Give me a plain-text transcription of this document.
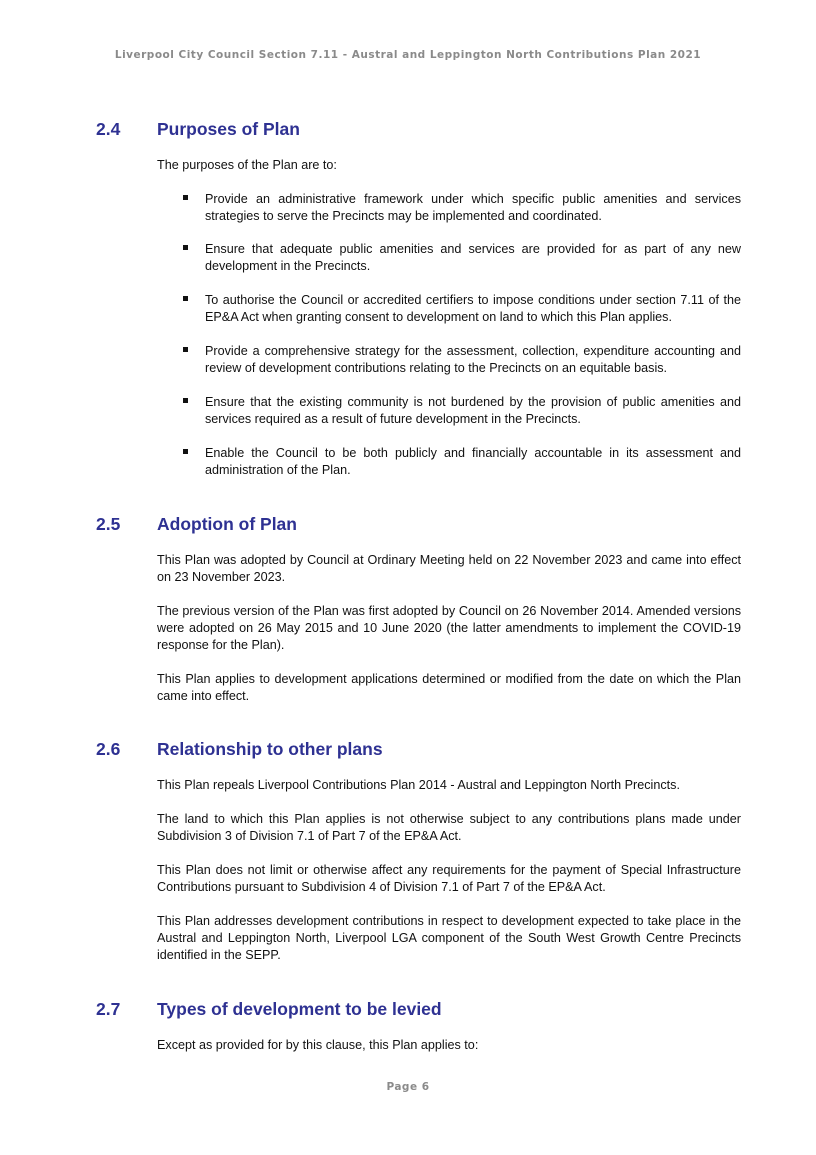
Liverpool City Council Section 7.11 - Austral and Leppington North Contributions Plan 2021
2.4 Purposes of Plan

The purposes of the Plan are to:

Provide an administrative framework under which specific public amenities and services strategies to serve the Precincts may be implemented and coordinated.
Ensure that adequate public amenities and services are provided for as part of any new development in the Precincts.
To authorise the Council or accredited certifiers to impose conditions under section 7.11 of the EP&A Act when granting consent to development on land to which this Plan applies.
Provide a comprehensive strategy for the assessment, collection, expenditure accounting and review of development contributions relating to the Precincts on an equitable basis.
Ensure that the existing community is not burdened by the provision of public amenities and services required as a result of future development in the Precincts.
Enable the Council to be both publicly and financially accountable in its assessment and administration of the Plan.
2.5 Adoption of Plan

This Plan was adopted by Council at Ordinary Meeting held on 22 November 2023 and came into effect on 23 November 2023.

The previous version of the Plan was first adopted by Council on 26 November 2014. Amended versions were adopted on 26 May 2015 and 10 June 2020 (the latter amendments to implement the COVID-19 response for the Plan).

This Plan applies to development applications determined or modified from the date on which the Plan came into effect.

2.6 Relationship to other plans

This Plan repeals Liverpool Contributions Plan 2014 - Austral and Leppington North Precincts.

The land to which this Plan applies is not otherwise subject to any contributions plans made under Subdivision 3 of Division 7.1 of Part 7 of the EP&A Act.

This Plan does not limit or otherwise affect any requirements for the payment of Special Infrastructure Contributions pursuant to Subdivision 4 of Division 7.1 of Part 7 of the EP&A Act.

This Plan addresses development contributions in respect to development expected to take place in the Austral and Leppington North, Liverpool LGA component of the South West Growth Centre Precincts identified in the SEPP.

2.7 Types of development to be levied

Except as provided for by this clause, this Plan applies to:

Page 6
